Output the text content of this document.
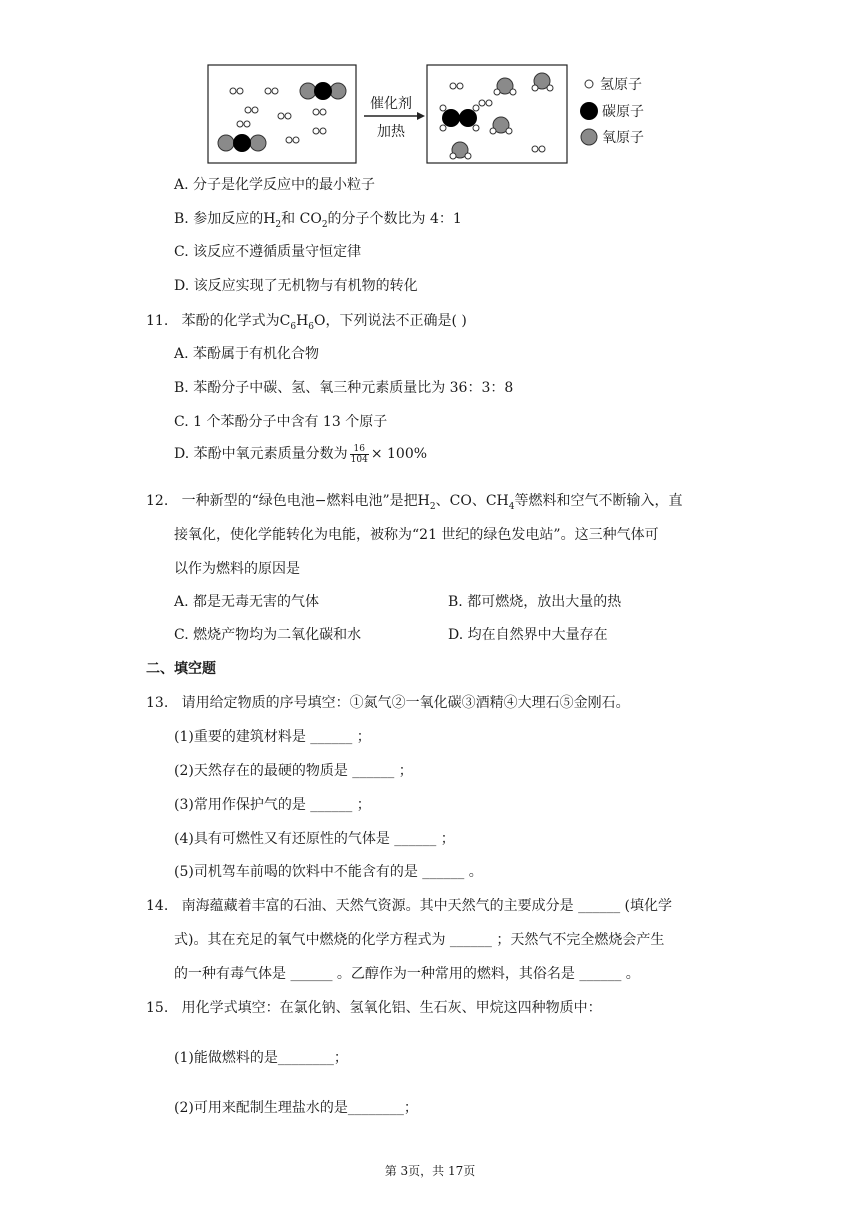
催化剂
加热
氢原子
碳原子
氧原子
A. 分子是化学反应中的最小粒子
B. 参加反应的$H_2$和 $CO_2$的分子个数比为 4：1
C. 该反应不遵循质量守恒定律
D. 该反应实现了无机物与有机物的转化
11. 苯酚的化学式为$C_6H_6O$，下列说法不正确是( )
A. 苯酚属于有机化合物
B. 苯酚分子中碳、氢、氧三种元素质量比为 36：3：8
C. 1 个苯酚分子中含有 13 个原子
D. 苯酚中氧元素质量分数为 $\frac{16}{104} \times 100\%$
12. 一种新型的“绿色电池−燃料电池”是把$H_2$、CO、$CH_4$等燃料和空气不断输入，直
接氧化，使化学能转化为电能，被称为“21 世纪的绿色发电站”。这三种气体可
以作为燃料的原因是
A. 都是无毒无害的气体	B. 都可燃烧，放出大量的热
C. 燃烧产物均为二氧化碳和水	D. 均在自然界中大量存在
二、填空题
13. 请用给定物质的序号填空：①氮气②一氧化碳③酒精④大理石⑤金刚石。
(1)重要的建筑材料是 ______ ；
(2)天然存在的最硬的物质是 ______ ；
(3)常用作保护气的是 ______ ；
(4)具有可燃性又有还原性的气体是 ______ ；
(5)司机驾车前喝的饮料中不能含有的是 ______ 。
14. 南海蕴藏着丰富的石油、天然气资源。其中天然气的主要成分是 ______ (填化学
式)。其在充足的氧气中燃烧的化学方程式为 ______ ；天然气不完全燃烧会产生
的一种有毒气体是 ______ 。乙醇作为一种常用的燃料，其俗名是 ______ 。
15. 用化学式填空：在氯化钠、氢氧化铝、生石灰、甲烷这四种物质中：
(1)能做燃料的是________；
(2)可用来配制生理盐水的是________；
第 3页，共 17页
